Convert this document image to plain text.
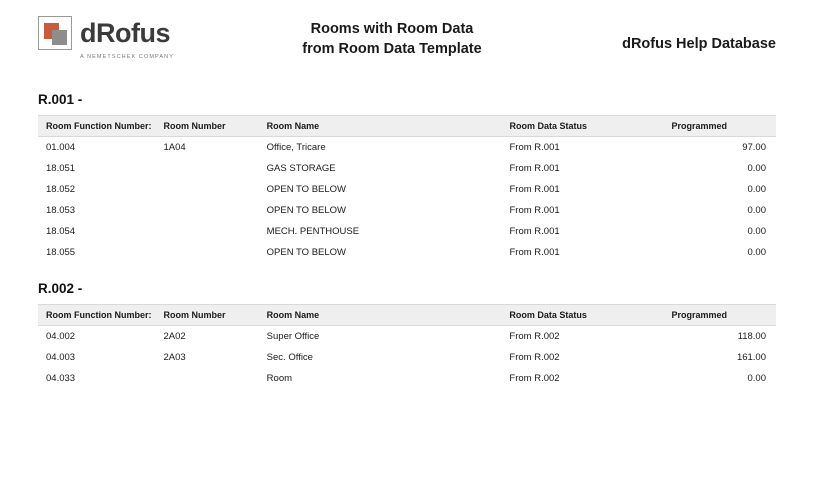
dRofus
A NEMETSCHEK COMPANY
Rooms with Room Data
from Room Data Template	dRofus Help Database
R.001 -
Room Function Number:	Room Number	Room Name	Room Data Status	Programmed
01.004	1A04	Office, Tricare	From R.001	97.00
18.051		GAS STORAGE	From R.001	0.00
18.052		OPEN TO BELOW	From R.001	0.00
18.053		OPEN TO BELOW	From R.001	0.00
18.054		MECH. PENTHOUSE	From R.001	0.00
18.055		OPEN TO BELOW	From R.001	0.00
R.002 -
Room Function Number:	Room Number	Room Name	Room Data Status	Programmed
04.002	2A02	Super Office	From R.002	118.00
04.003	2A03	Sec. Office	From R.002	161.00
04.033		Room	From R.002	0.00
